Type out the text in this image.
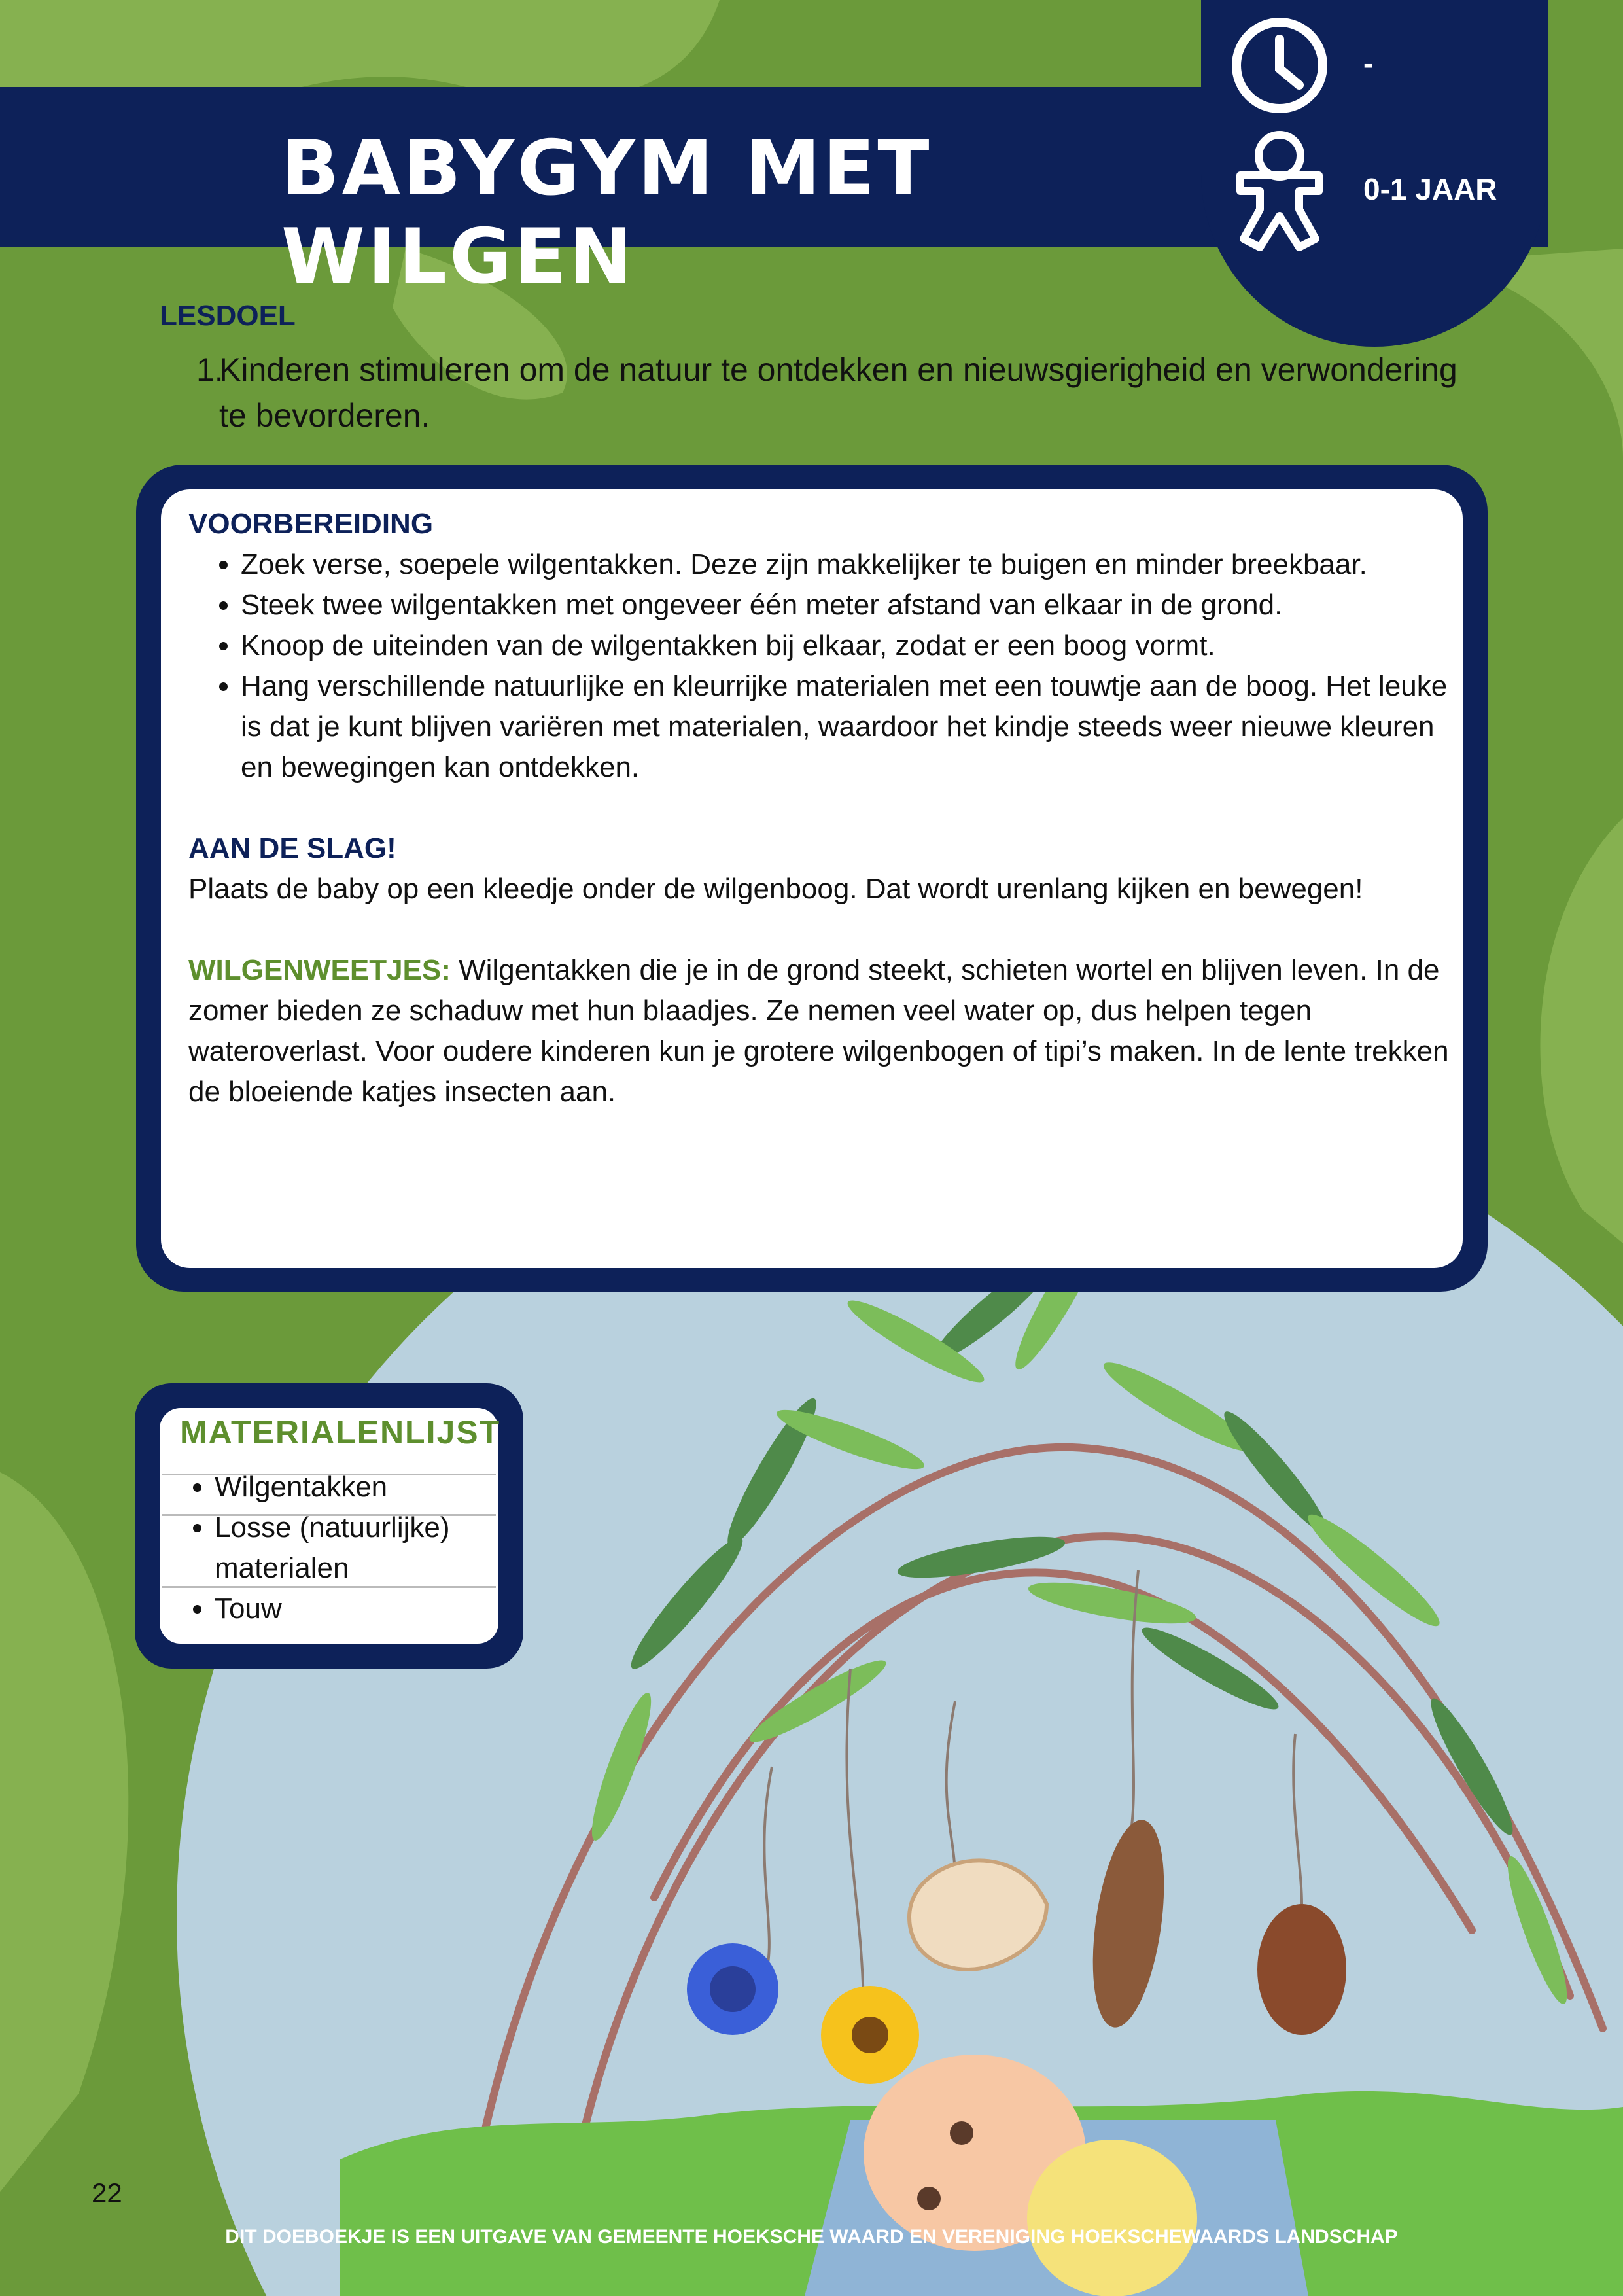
BABYGYM MET WILGEN
-
0-1 JAAR
LESDOEL
1.
Kinderen stimuleren om de natuur te ontdekken en nieuwsgierigheid en verwondering te bevorderen.
VOORBEREIDING
• Zoek verse, soepele wilgentakken. Deze zijn makkelijker te buigen en minder breekbaar.
• Steek twee wilgentakken met ongeveer één meter afstand van elkaar in de grond.
• Knoop de uiteinden van de wilgentakken bij elkaar, zodat er een boog vormt.
• Hang verschillende natuurlijke en kleurrijke materialen met een touwtje aan de boog. Het leuke is dat je kunt blijven variëren met materialen, waardoor het kindje steeds weer nieuwe kleuren en bewegingen kan ontdekken.
AAN DE SLAG!

Plaats de baby op een kleedje onder de wilgenboog. Dat wordt urenlang kijken en bewegen!

WILGENWEETJES: Wilgentakken die je in de grond steekt, schieten wortel en blijven leven. In de zomer bieden ze schaduw met hun blaadjes. Ze nemen veel water op, dus helpen tegen wateroverlast. Voor oudere kinderen kun je grotere wilgenbogen of tipi’s maken. In de lente trekken de bloeiende katjes insecten aan.

MATERIALENLIJST
• Wilgentakken
• Losse (natuurlijke) materialen
• Touw
22
DIT DOEBOEKJE IS EEN UITGAVE VAN GEMEENTE HOEKSCHE WAARD EN VERENIGING HOEKSCHEWAARDS LANDSCHAP
